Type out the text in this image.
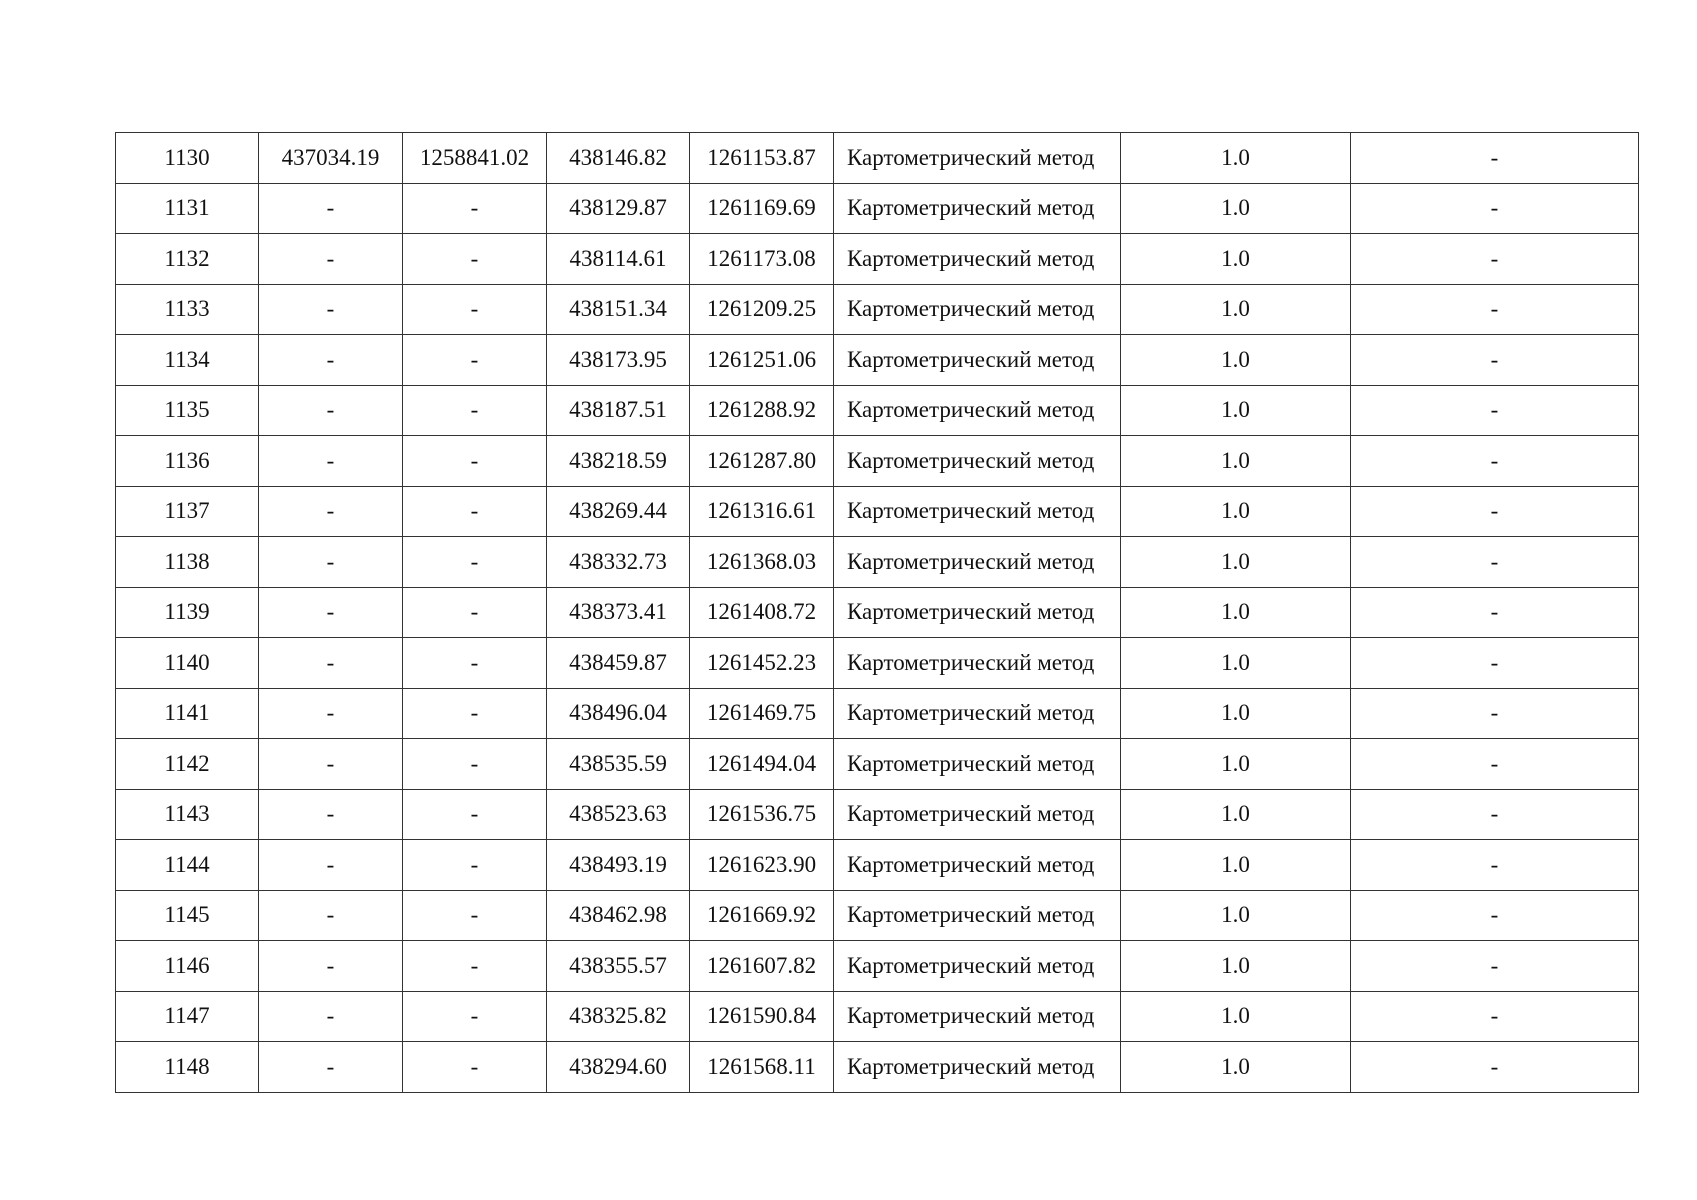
1130	437034.19	1258841.02	438146.82	1261153.87	Картометрический метод	1.0	-
1131	-	-	438129.87	1261169.69	Картометрический метод	1.0	-
1132	-	-	438114.61	1261173.08	Картометрический метод	1.0	-
1133	-	-	438151.34	1261209.25	Картометрический метод	1.0	-
1134	-	-	438173.95	1261251.06	Картометрический метод	1.0	-
1135	-	-	438187.51	1261288.92	Картометрический метод	1.0	-
1136	-	-	438218.59	1261287.80	Картометрический метод	1.0	-
1137	-	-	438269.44	1261316.61	Картометрический метод	1.0	-
1138	-	-	438332.73	1261368.03	Картометрический метод	1.0	-
1139	-	-	438373.41	1261408.72	Картометрический метод	1.0	-
1140	-	-	438459.87	1261452.23	Картометрический метод	1.0	-
1141	-	-	438496.04	1261469.75	Картометрический метод	1.0	-
1142	-	-	438535.59	1261494.04	Картометрический метод	1.0	-
1143	-	-	438523.63	1261536.75	Картометрический метод	1.0	-
1144	-	-	438493.19	1261623.90	Картометрический метод	1.0	-
1145	-	-	438462.98	1261669.92	Картометрический метод	1.0	-
1146	-	-	438355.57	1261607.82	Картометрический метод	1.0	-
1147	-	-	438325.82	1261590.84	Картометрический метод	1.0	-
1148	-	-	438294.60	1261568.11	Картометрический метод	1.0	-
